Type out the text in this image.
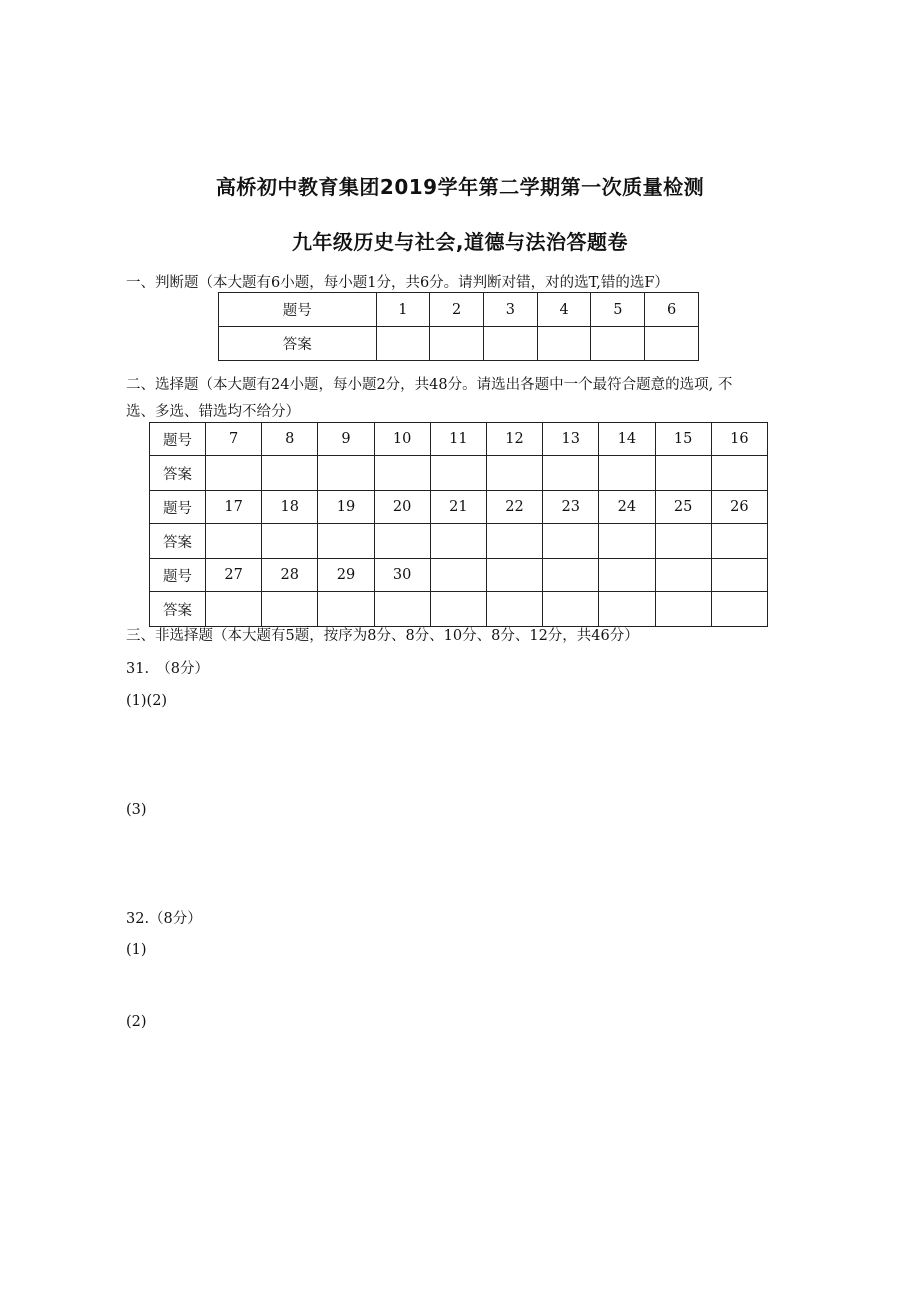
高桥初中教育集团2019学年第二学期第一次质量检测
九年级历史与社会,道德与法治答题卷
一、判断题（本大题有6小题，每小题1分，共6分。请判断对错，对的选T,错的选F）
题号	1	2	3	4	5	6
答案						
二、选择题（本大题有24小题，每小题2分，共48分。请选出各题中一个最符合题意的选项, 不
选、多选、错选均不给分）
题号	7	8	9	10	11	12	13	14	15	16
答案										
题号	17	18	19	20	21	22	23	24	25	26
答案										
题号	27	28	29	30						
答案										
三、非选择题（本大题有5题，按序为8分、8分、10分、8分、12分，共46分）
31.　（8分）
(1)(2)
(3)
32.（8分）
(1)
(2)
